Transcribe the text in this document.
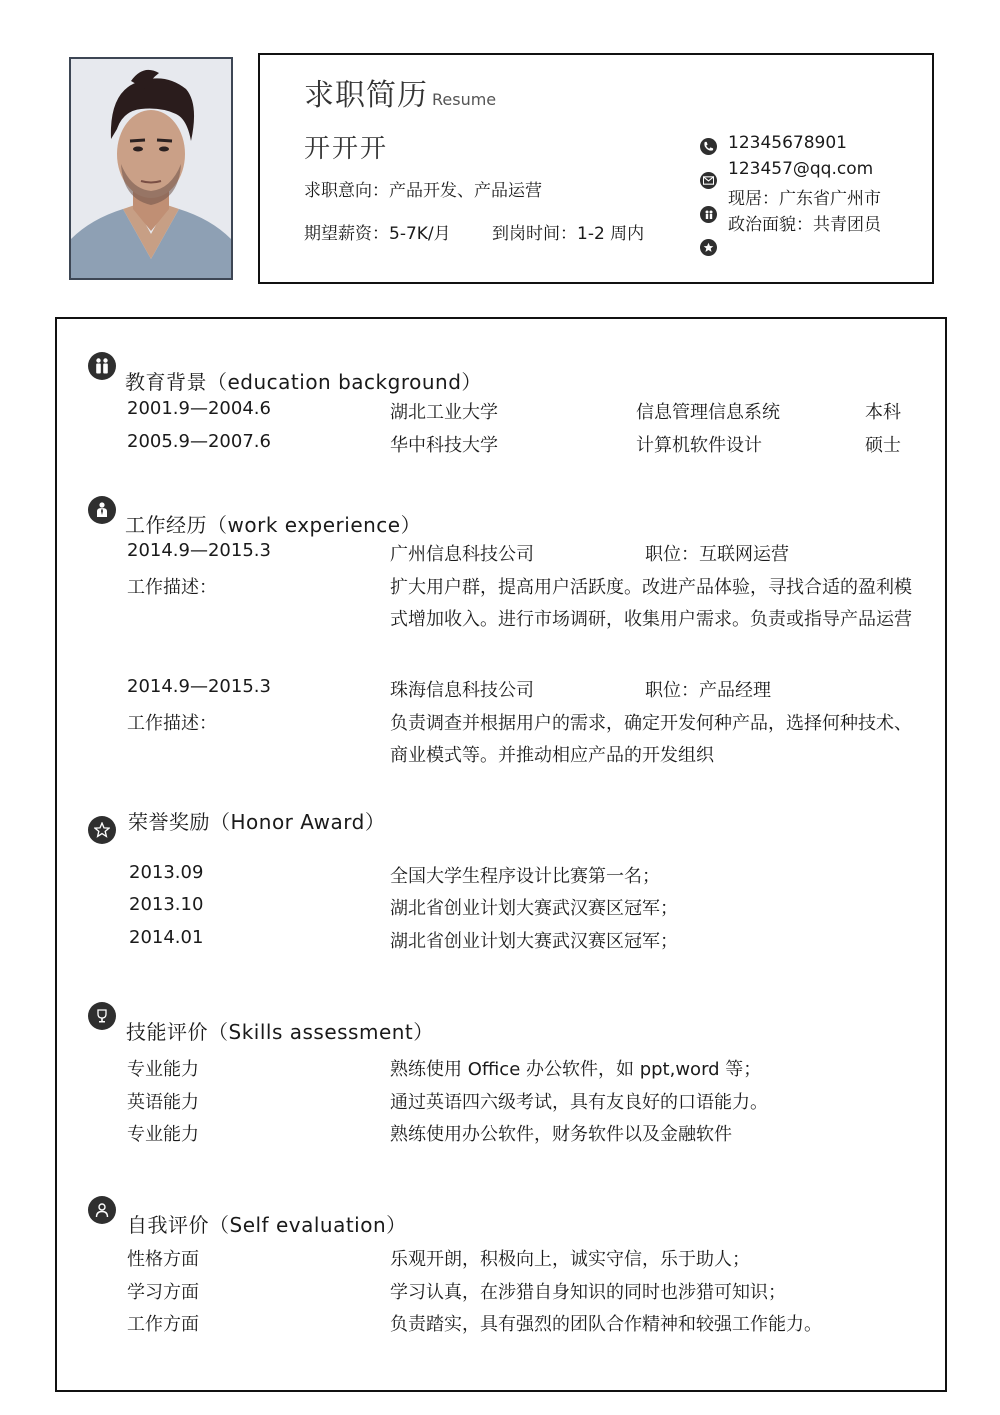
求职简历 Resume
开开开
求职意向：产品开发、产品运营
期望薪资：5-7K/月 到岗时间：1-2 周内
12345678901
123457@qq.com
现居：广东省广州市
政治面貌：共青团员
教育背景（education background）
2001.9—2004.6	湖北工业大学	信息管理信息系统	本科
2005.9—2007.6	华中科技大学	计算机软件设计	硕士
工作经历（work experience）
2014.9—2015.3	广州信息科技公司	职位：互联网运营
工作描述：	扩大用户群，提高用户活跃度。改进产品体验，寻找合适的盈利模
式增加收入。进行市场调研，收集用户需求。负责或指导产品运营
2014.9—2015.3	珠海信息科技公司	职位：产品经理
工作描述：	负责调查并根据用户的需求，确定开发何种产品，选择何种技术、
商业模式等。并推动相应产品的开发组织
荣誉奖励（Honor Award）
2013.09	全国大学生程序设计比赛第一名；
2013.10	湖北省创业计划大赛武汉赛区冠军；
2014.01	湖北省创业计划大赛武汉赛区冠军；
技能评价（Skills assessment）
专业能力	熟练使用 Office 办公软件，如 ppt,word 等；
英语能力	通过英语四六级考试，具有友良好的口语能力。
专业能力	熟练使用办公软件，财务软件以及金融软件
自我评价（Self evaluation）
性格方面	乐观开朗，积极向上，诚实守信，乐于助人；
学习方面	学习认真，在涉猎自身知识的同时也涉猎可知识；
工作方面	负责踏实，具有强烈的团队合作精神和较强工作能力。
